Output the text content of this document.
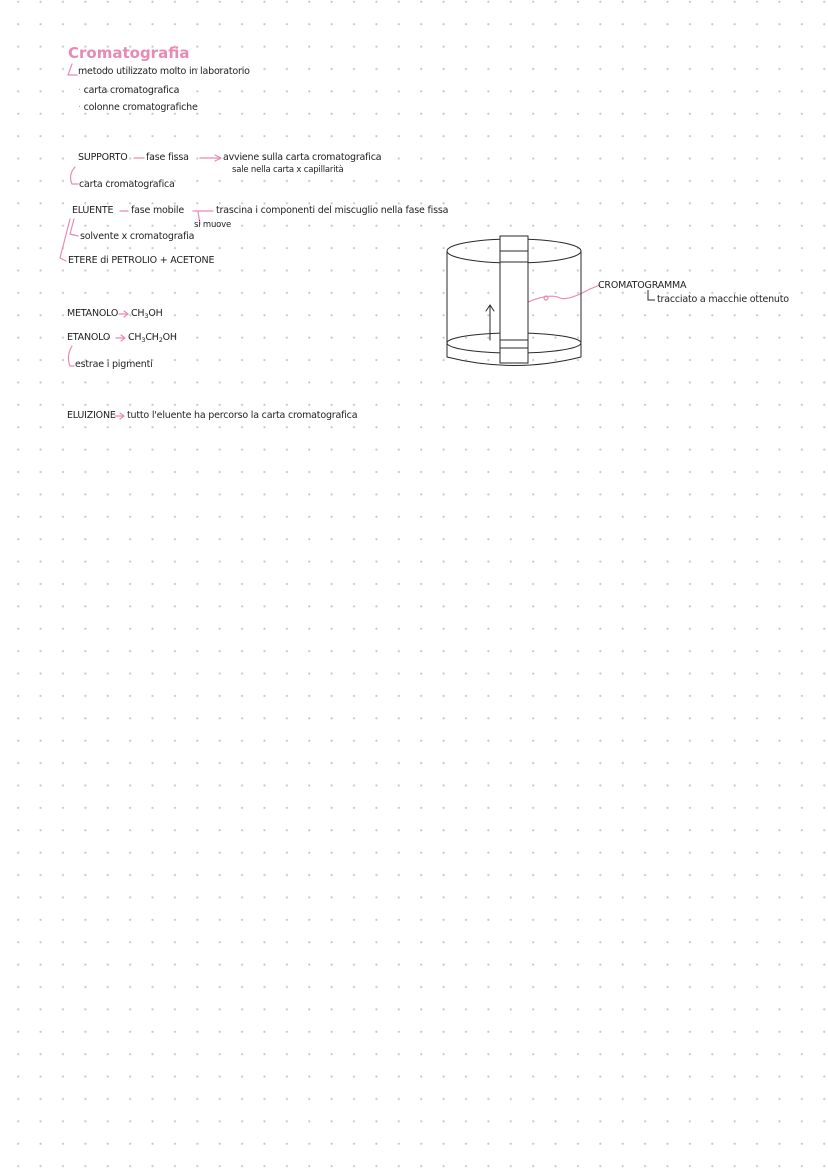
Cromatografia
metodo utilizzato molto in laboratorio
· carta cromatografica
· colonne cromatografiche
SUPPORTO fase fissa	avviene sulla carta cromatografica
sale nella carta x capillarità
carta cromatografica
ELUENTE fase mobile	trascina i componenti del miscuglio nella fase fissa
si muove
solvente x cromatografia
ETERE di PETROLIO + ACETONE
METANOLO $CH_3OH$
ETANOLO $CH_3CH_2OH$
estrae i pigmenti
ELUIZIONE tutto l'eluente ha percorso la carta cromatografica
CROMATOGRAMMA
tracciato a macchie ottenuto
